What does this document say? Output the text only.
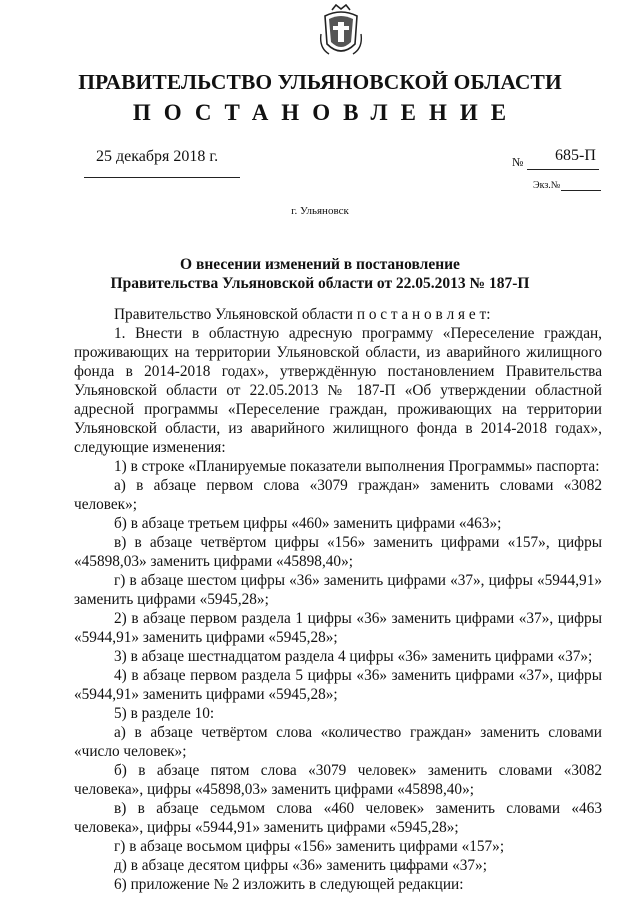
ПРАВИТЕЛЬСТВО УЛЬЯНОВСКОЙ ОБЛАСТИ
ПОСТАНОВЛЕНИЕ
25 декабря 2018 г.	№ 685-П
Экз.№
г. Ульяновск
О внесении изменений в постановление
Правительства Ульяновской области от 22.05.2013 № 187-П

Правительство Ульяновской области п о с т а н о в л я е т:

1. Внести в областную адресную программу «Переселение граждан, проживающих на территории Ульяновской области, из аварийного жилищного фонда в 2014-2018 годах», утверждённую постановлением Правительства Ульяновской области от 22.05.2013 № 187-П «Об утверждении областной адресной программы «Переселение граждан, проживающих на территории Ульяновской области, из аварийного жилищного фонда в 2014-2018 годах», следующие изменения:

1) в строке «Планируемые показатели выполнения Программы» паспорта:

а) в абзаце первом слова «3079 граждан» заменить словами «3082 человек»;

б) в абзаце третьем цифры «460» заменить цифрами «463»;

в) в абзаце четвёртом цифры «156» заменить цифрами «157», цифры «45898,03» заменить цифрами «45898,40»;

г) в абзаце шестом цифры «36» заменить цифрами «37», цифры «5944,91» заменить цифрами «5945,28»;

2) в абзаце первом раздела 1 цифры «36» заменить цифрами «37», цифры «5944,91» заменить цифрами «5945,28»;

3) в абзаце шестнадцатом раздела 4 цифры «36» заменить цифрами «37»;

4) в абзаце первом раздела 5 цифры «36» заменить цифрами «37», цифры «5944,91» заменить цифрами «5945,28»;

5) в разделе 10:

а) в абзаце четвёртом слова «количество граждан» заменить словами «число человек»;

б) в абзаце пятом слова «3079 человек» заменить словами «3082 человека», цифры «45898,03» заменить цифрами «45898,40»;

в) в абзаце седьмом слова «460 человек» заменить словами «463 человека», цифры «5944,91» заменить цифрами «5945,28»;

г) в абзаце восьмом цифры «156» заменить цифрами «157»;

д) в абзаце десятом цифры «36» заменить цифрами «37»;

6) приложение № 2 изложить в следующей редакции:
